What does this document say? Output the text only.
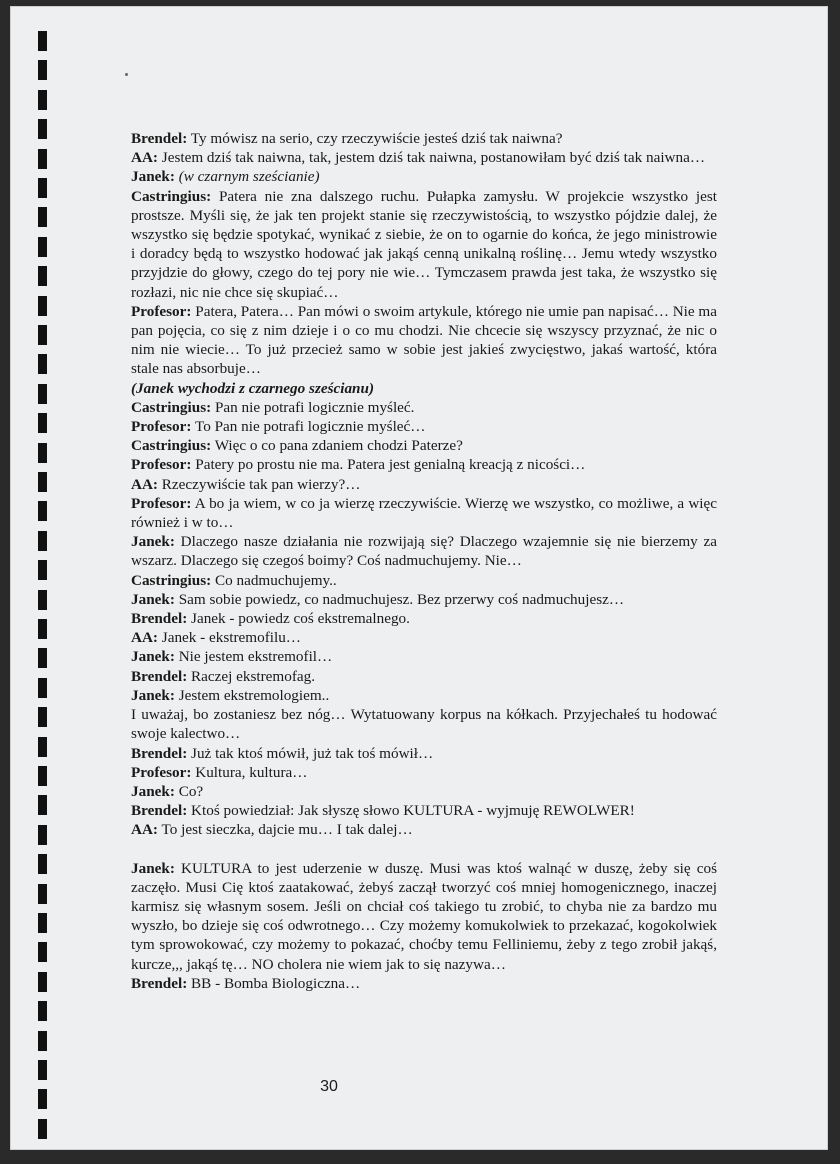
Brendel: Ty mówisz na serio, czy rzeczywiście jesteś dziś tak naiwna?

AA: Jestem dziś tak naiwna, tak, jestem dziś tak naiwna, postanowiłam być dziś tak naiwna…

Janek: (w czarnym sześcianie)

Castringius: Patera nie zna dalszego ruchu. Pułapka zamysłu. W projekcie wszystko jest prostsze. Myśli się, że jak ten projekt stanie się rzeczywistością, to wszystko pójdzie dalej, że wszystko się będzie spotykać, wynikać z siebie, że on to ogarnie do końca, że jego ministrowie i doradcy będą to wszystko hodować jak jakąś cenną unikalną roślinę… Jemu wtedy wszystko przyjdzie do głowy, czego do tej pory nie wie… Tymczasem prawda jest taka, że wszystko się rozłazi, nic nie chce się skupiać…

Profesor: Patera, Patera… Pan mówi o swoim artykule, którego nie umie pan napisać… Nie ma pan pojęcia, co się z nim dzieje i o co mu chodzi. Nie chcecie się wszyscy przyznać, że nic o nim nie wiecie… To już przecież samo w sobie jest jakieś zwycięstwo, jakaś wartość, która stale nas absorbuje…

(Janek wychodzi z czarnego sześcianu)

Castringius: Pan nie potrafi logicznie myśleć.

Profesor: To Pan nie potrafi logicznie myśleć…

Castringius: Więc o co pana zdaniem chodzi Paterze?

Profesor: Patery po prostu nie ma. Patera jest genialną kreacją z nicości…

AA: Rzeczywiście tak pan wierzy?…

Profesor: A bo ja wiem, w co ja wierzę rzeczywiście. Wierzę we wszystko, co możliwe, a więc również i w to…

Janek: Dlaczego nasze działania nie rozwijają się? Dlaczego wzajemnie się nie bierzemy za wszarz. Dlaczego się czegoś boimy? Coś nadmuchujemy. Nie…

Castringius: Co nadmuchujemy..

Janek: Sam sobie powiedz, co nadmuchujesz. Bez przerwy coś nadmuchujesz…

Brendel: Janek - powiedz coś ekstremalnego.

AA: Janek - ekstremofilu…

Janek: Nie jestem ekstremofil…

Brendel: Raczej ekstremofag.

Janek: Jestem ekstremologiem..

I uważaj, bo zostaniesz bez nóg… Wytatuowany korpus na kółkach. Przyjechałeś tu hodować swoje kalectwo…

Brendel: Już tak ktoś mówił, już tak toś mówił…

Profesor: Kultura, kultura…

Janek: Co?

Brendel: Ktoś powiedział: Jak słyszę słowo KULTURA - wyjmuję REWOLWER!

AA: To jest sieczka, dajcie mu… I tak dalej…

Janek: KULTURA to jest uderzenie w duszę. Musi was ktoś walnąć w duszę, żeby się coś zaczęło. Musi Cię ktoś zaatakować, żebyś zaczął tworzyć coś mniej homogenicznego, inaczej karmisz się własnym sosem. Jeśli on chciał coś takiego tu zrobić, to chyba nie za bardzo mu wyszło, bo dzieje się coś odwrotnego… Czy możemy komukolwiek to przekazać, kogokolwiek tym sprowokować, czy możemy to pokazać, choćby temu Felliniemu, żeby z tego zrobił jakąś, kurcze,,, jakąś tę… NO cholera nie wiem jak to się nazywa…

Brendel: BB - Bomba Biologiczna…

30
